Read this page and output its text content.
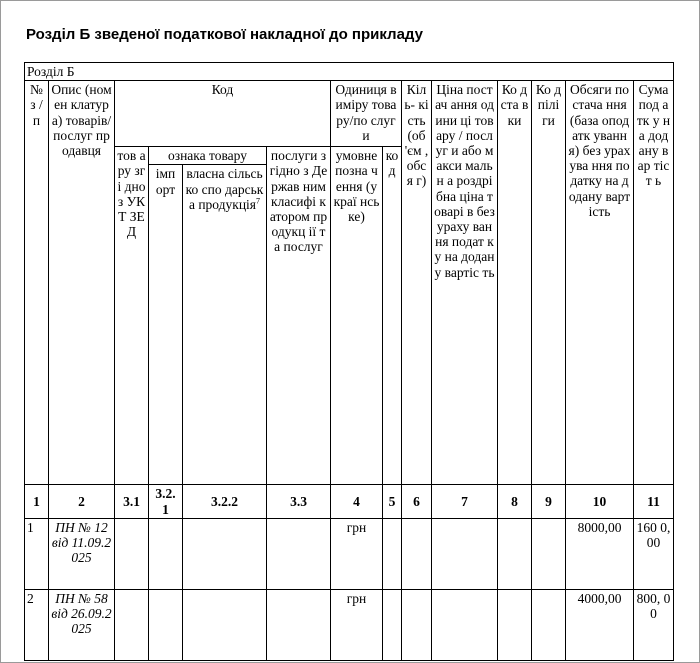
Розділ Б зведеної податкової накладної до прикладу
Розділ Б													
№ з / п	Опис (номен клатура) товарів/ послуг продавця	Код				Одиниця виміру товару/по слуги		Кіль- кість (об 'єм , обся г)	Ціна постач ання одини ці товару / послуг и або макси мальн а роздрі бна ціна товарі в без ураху вання подат ку на додан у вартіс ть	Ко д ста вки	Ко д пілі ги	Обсяги постача ння (база оподатк ування) без урахува ння податку на додану вартість	Сума под атк у на дод ану вар тіст ь
		тов ару згі дно з УК Т ЗЕ Д	ознака товару		послуги згідно з Держав ним класифі катором продукц ії та послуг	умовне позна чення (украї нське)	ко д						
			імп орт	власна сільсько спо дарська продукція$^7$
1	2	3.1	3.2. 1	3.2.2	3.3	4	5	6	7	8	9	10	11
1	ПН № 12 від 11.09.2 025					грн						8000,00	160 0,00
2	ПН № 58 від 26.09.2 025					грн						4000,00	800, 00
